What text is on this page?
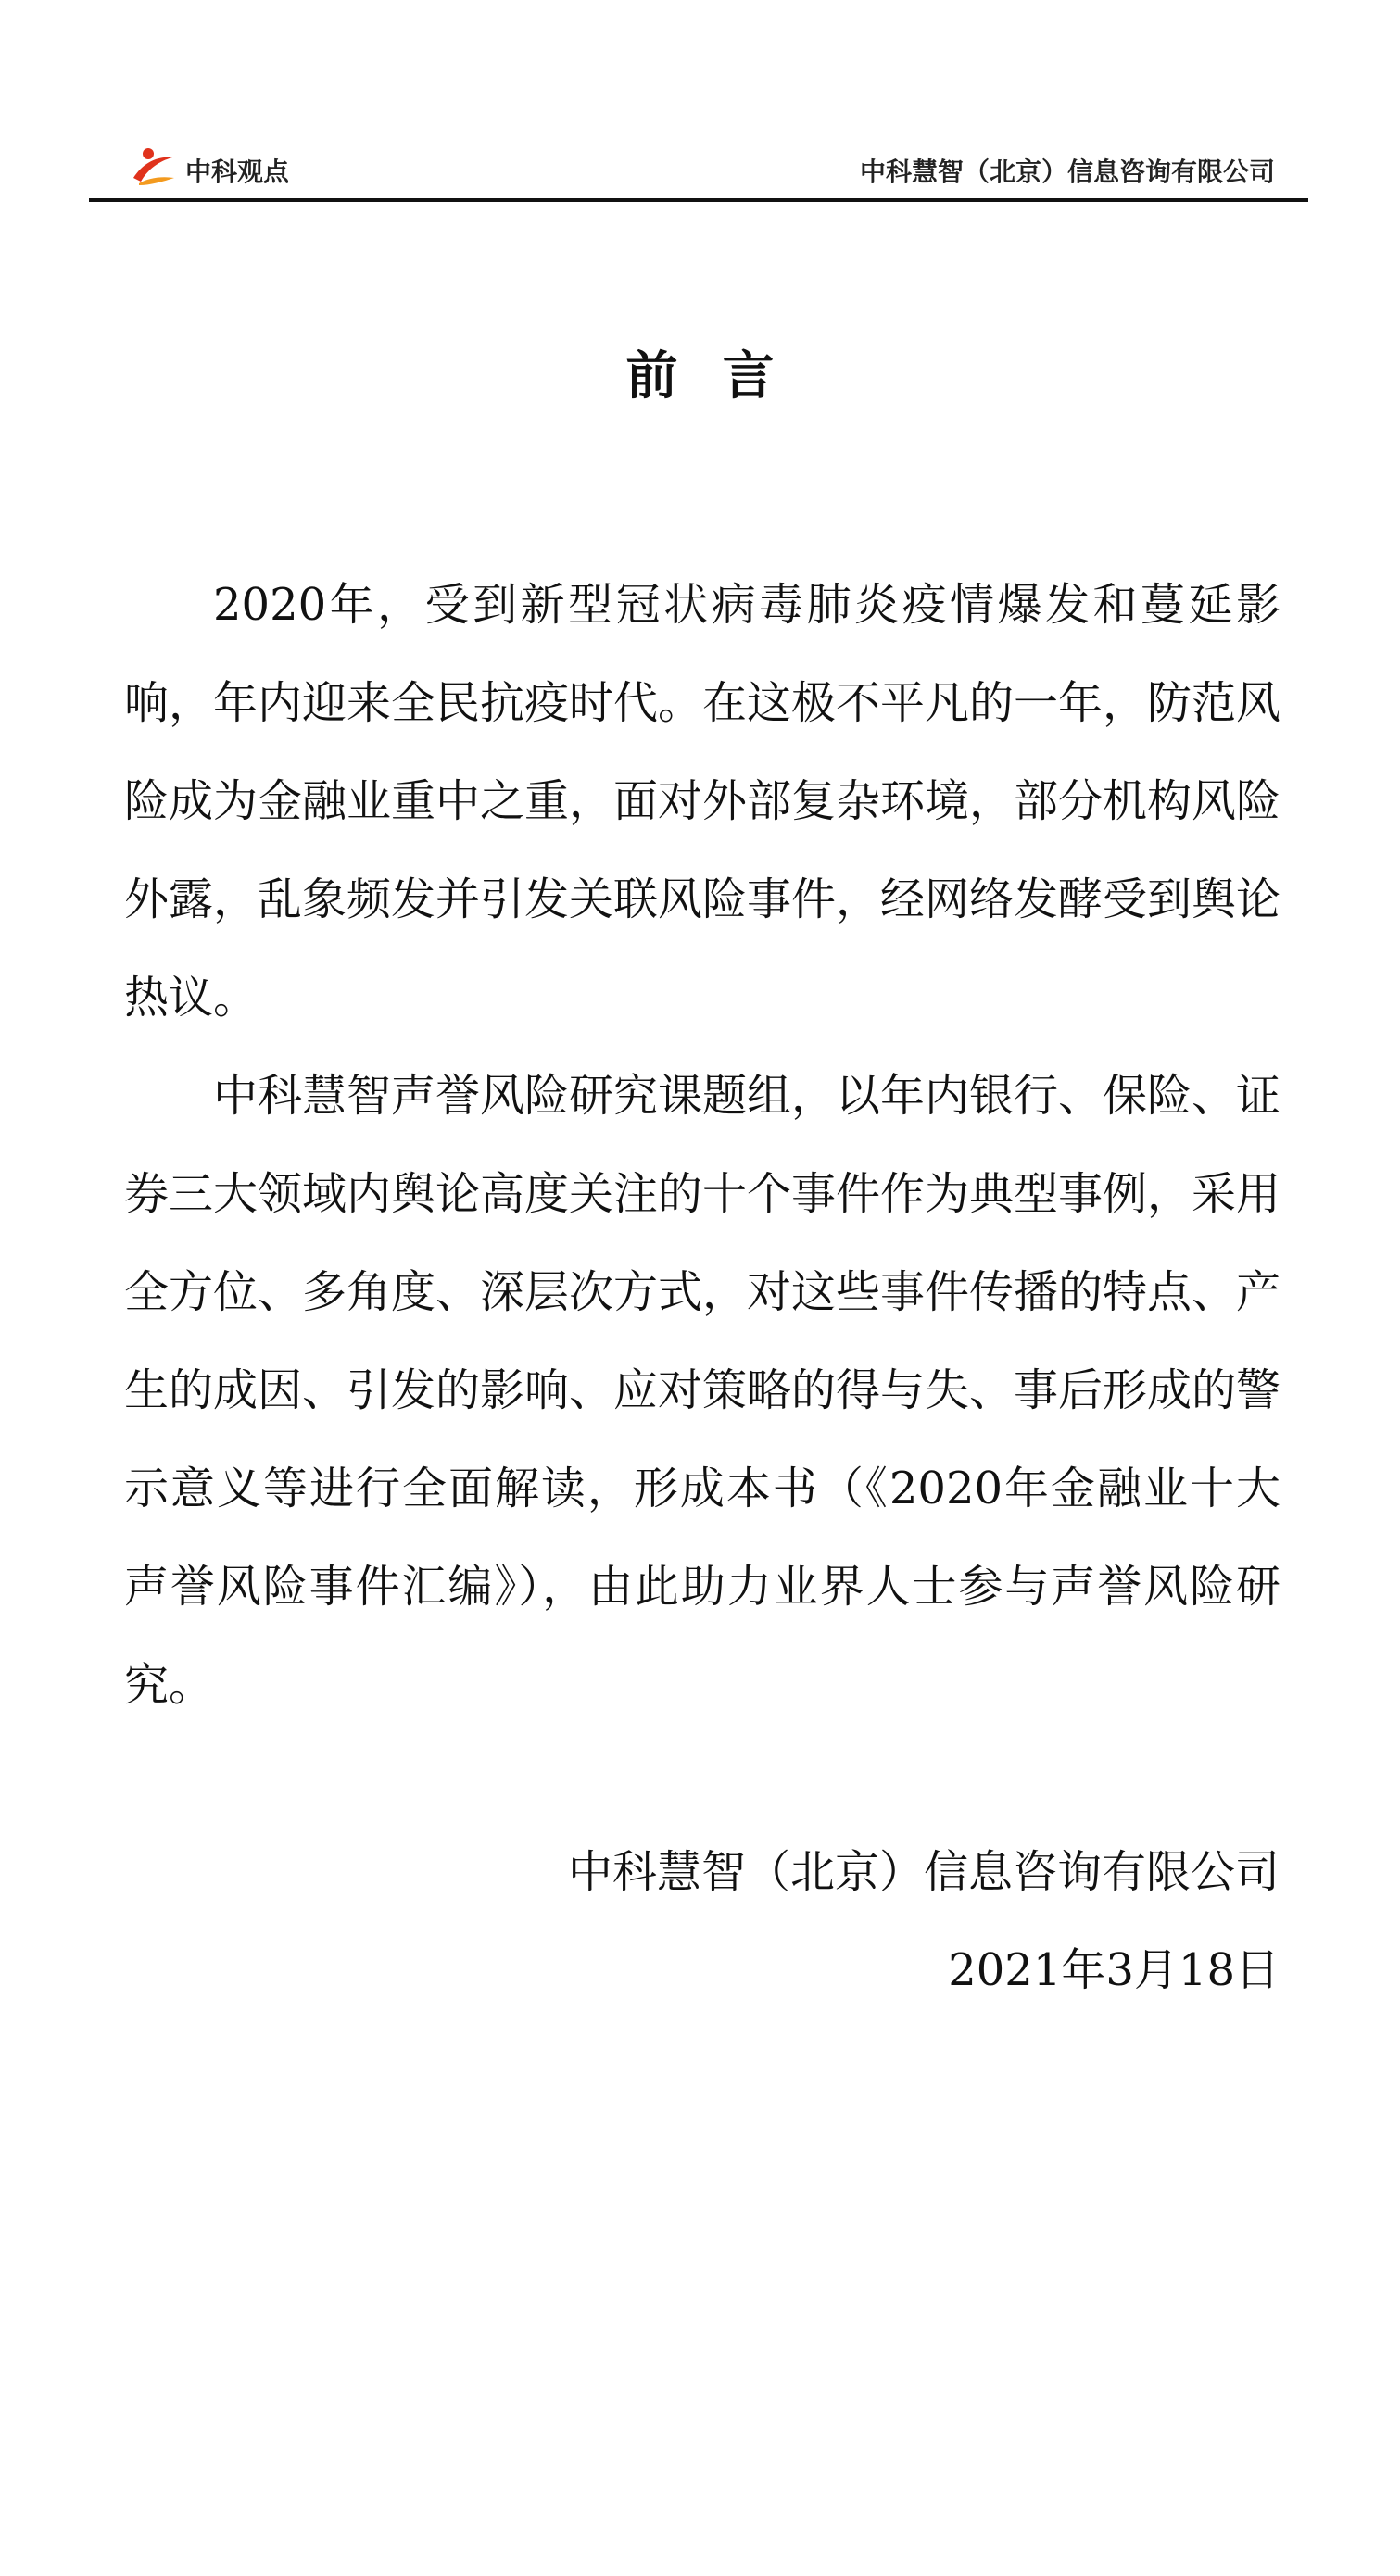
中科观点	中科慧智（北京）信息咨询有限公司
前言

2020年，受到新型冠状病毒肺炎疫情爆发和蔓延影响，年内迎来全民抗疫时代。在这极不平凡的一年，防范风险成为金融业重中之重，面对外部复杂环境，部分机构风险外露，乱象频发并引发关联风险事件，经网络发酵受到舆论热议。

中科慧智声誉风险研究课题组，以年内银行、保险、证券三大领域内舆论高度关注的十个事件作为典型事例，采用全方位、多角度、深层次方式，对这些事件传播的特点、产生的成因、引发的影响、应对策略的得与失、事后形成的警示意义等进行全面解读，形成本书（《2020年金融业十大声誉风险事件汇编》），由此助力业界人士参与声誉风险研究。

中科慧智（北京）信息咨询有限公司
2021年3月18日
